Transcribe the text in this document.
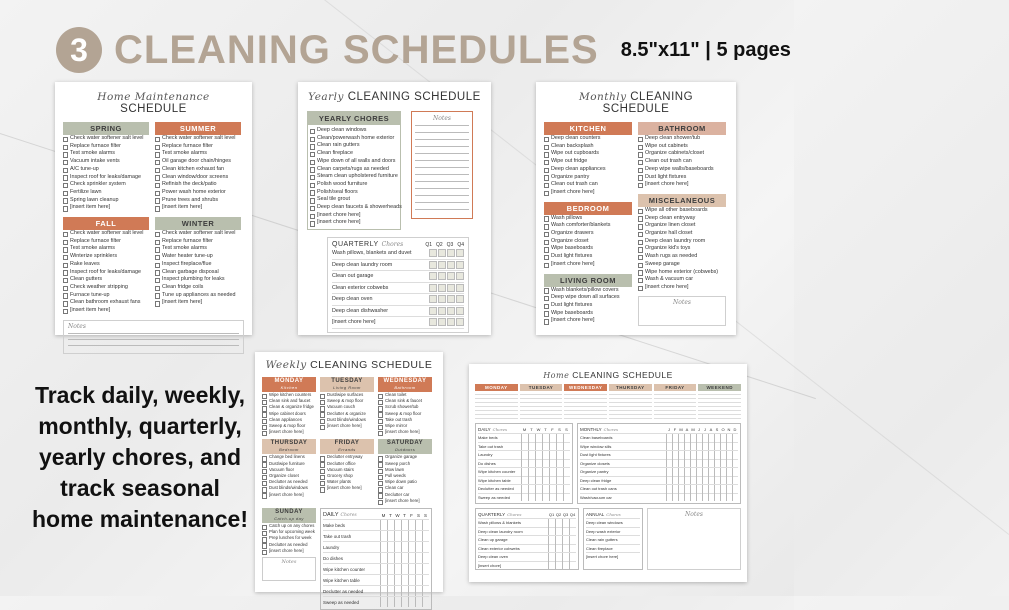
3 CLEANING SCHEDULES 8.5"x11" | 5 pages
Home Maintenance SCHEDULE
SPRING
Check water softener salt level
Replace furnace filter
Test smoke alarms
Vacuum intake vents
A/C tune-up
Inspect roof for leaks/damage
Check sprinkler system
Fertilize lawn
Spring lawn cleanup
[insert item here]
SUMMER
Check water softener salt level
Replace furnace filter
Test smoke alarms
Oil garage door chain/hinges
Clean kitchen exhaust fan
Clean window/door screens
Refinish the deck/patio
Power wash home exterior
Prune trees and shrubs
[insert item here]
FALL
Check water softener salt level
Replace furnace filter
Test smoke alarms
Winterize sprinklers
Rake leaves
Inspect roof for leaks/damage
Clean gutters
Check weather stripping
Furnace tune-up
Clean bathroom exhaust fans
[insert item here]
WINTER
Check water softener salt level
Replace furnace filter
Test smoke alarms
Water heater tune-up
Inspect fireplace/flue
Clean garbage disposal
Inspect plumbing for leaks
Clean fridge coils
Tune up appliances as needed
[insert item here]
Notes
Yearly CLEANING SCHEDULE
YEARLY CHORES
Deep clean windows
Clean/powerwash home exterior
Clean rain gutters
Clean fireplace
Wipe down of all walls and doors
Clean carpets/rugs as needed
Steam clean upholstered furniture
Polish wood furniture
Polish/seal floors
Seal tile grout
Deep clean faucets & showerheads
[insert chore here]
[insert chore here]
Notes
QUARTERLY Chores	Q1 Q2 Q3 Q4
Wash pillows, blankets and duvet
Deep clean laundry room
Clean out garage
Clean exterior cobwebs
Deep clean oven
Deep clean dishwasher
[insert chore here]
Monthly CLEANING SCHEDULE
KITCHEN
Deep clean counters
Clean backsplash
Wipe out cupboards
Wipe out fridge
Deep clean appliances
Organize pantry
Clean out trash can
[insert chore here]
BEDROOM
Wash pillows
Wash comforter/blankets
Organize drawers
Organize closet
Wipe baseboards
Dust light fixtures
[insert chore here]
LIVING ROOM
Wash blankets/pillow covers
Deep wipe down all surfaces
Dust light fixtures
Wipe baseboards
[insert chore here]
BATHROOM
Deep clean shower/tub
Wipe out cabinets
Organize cabinets/closet
Clean out trash can
Deep wipe walls/baseboards
Dust light fixtures
[insert chore here]
MISCELANEOUS
Wipe all other baseboards
Deep clean entryway
Organize linen closet
Organize hall closet
Deep clean laundry room
Organize kid's toys
Wash rugs as needed
Sweep garage
Wipe home exterior (cobwebs)
Wash & vacuum car
[insert chore here]
Notes
Track daily, weekly,
monthly, quarterly,
yearly chores, and
track seasonal
home maintenance!
Weekly CLEANING SCHEDULE
MONDAY
Kitchen
Wipe kitchen counters
Clean sink and faucet
Clean & organize fridge
Wipe cabinet doors
Clean appliances
Sweep & mop floor
[insert chore here]
TUESDAY
Living Room
Dust/wipe surfaces
Sweep & mop floor
Vacuum couch
Declutter & organize
Dust blinds/windows
[insert chore here]
WEDNESDAY
Bathroom
Clean toilet
Clean sink & faucet
Scrub shower/tub
Sweep & mop floor
Take out trash
Wipe mirror
[insert chore here]
THURSDAY
Bedroom
Change bed linens
Dust/wipe furniture
Vacuum floor
Organize closet
Declutter as needed
Dust blinds/windows
[insert chore here]
FRIDAY
Errands
Declutter entryway
Declutter office
Vacuum stairs
Grocery shop
Water plants
[insert chore here]
SATURDAY
Outdoors
Organize garage
Sweep porch
Mow lawn
Pull weeds
Wipe down patio
Clean car
Declutter car
[insert chore here]
SUNDAY
Catch-up day
Catch up on any chores
Plan for upcoming week
Prep lunches for week
Declutter as needed
[insert chore here]
Notes
DAILY Chores	M T W T F S S
Make beds
Take out trash
Laundry
Do dishes
Wipe kitchen counter
Wipe kitchen table
Declutter as needed
Sweep as needed
Home CLEANING SCHEDULE
MONDAY	TUESDAY	WEDNESDAY	THURSDAY	FRIDAY	WEEKEND
DAILY Chores	M	T W T	F	S	S
Make beds
Take out trash
Laundry
Do dishes
Wipe kitchen counter
Wipe kitchen table
Declutter as needed
Sweep as needed
MONTHLY Chores	J F M A M J	J A S O N D
Clean baseboards
Wipe window sills
Dust light fixtures
Organize closets
Organize pantry
Deep clean fridge
Clean out trash cans
Wash/vacuum car
QUARTERLY Chores	Q1 Q2 Q3 Q4
Wash pillows & blankets
Deep clean laundry room
Clean up garage
Clean exterior cobwebs
Deep clean oven
[insert chore]
ANNUAL Chores
Deep clean windows
Deep wash exterior
Clean rain gutters
Clean fireplace
[insert chore here]
Notes
